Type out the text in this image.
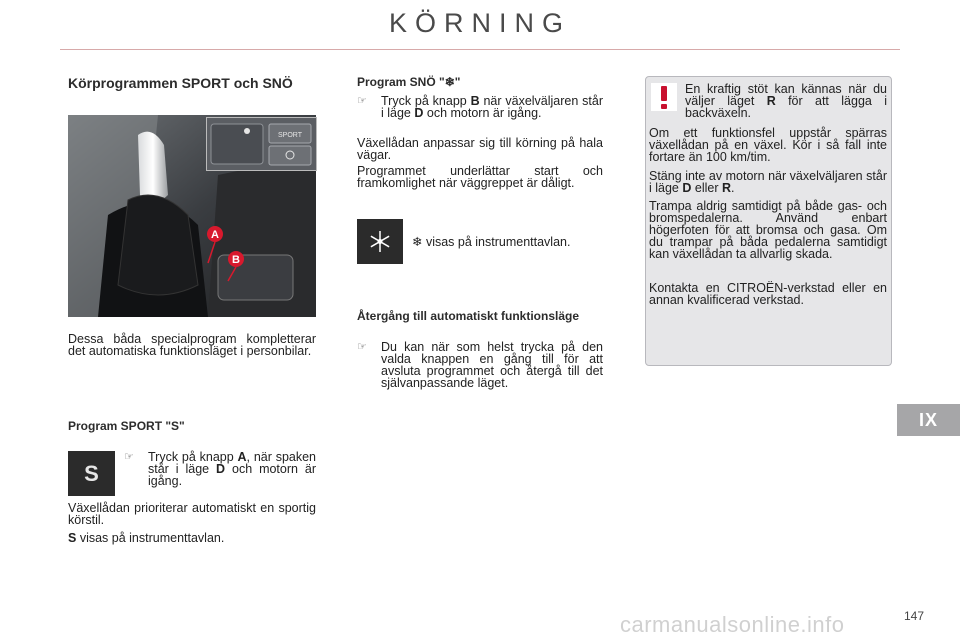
KÖRNING
Körprogrammen SPORT och SNÖ
A
B
SPORT
Dessa båda specialprogram kompletterar det automatiska funktionsläget i personbilar.
Program SPORT "S"
S
☞ Tryck på knapp A, när spaken står i läge D och motorn är igång.
Växellådan prioriterar automatiskt en sportig körstil.
S visas på instrumenttavlan.
Program SNÖ "❄"
☞ Tryck på knapp B när växelväljaren står i läge D och motorn är igång.
Växellådan anpassar sig till körning på hala vägar.
Programmet underlättar start och framkomlighet när väggreppet är dåligt.
❄ visas på instrumenttavlan.
Återgång till automatiskt funktionsläge
☞ Du kan när som helst trycka på den valda knappen en gång till för att avsluta programmet och återgå till det självanpassande läget.
En kraftig stöt kan kännas när du väljer läget R för att lägga i backväxeln.
Om ett funktionsfel uppstår spärras växellådan på en växel. Kör i så fall inte fortare än 100 km/tim.
Stäng inte av motorn när växelväljaren står i läge D eller R.
Trampa aldrig samtidigt på både gas- och bromspedalerna. Använd enbart högerfoten för att bromsa och gasa. Om du trampar på båda pedalerna samtidigt kan växellådan ta allvarlig skada.
Kontakta en CITROËN-verkstad eller en annan kvalificerad verkstad.
IX
147
carmanualsonline.info
